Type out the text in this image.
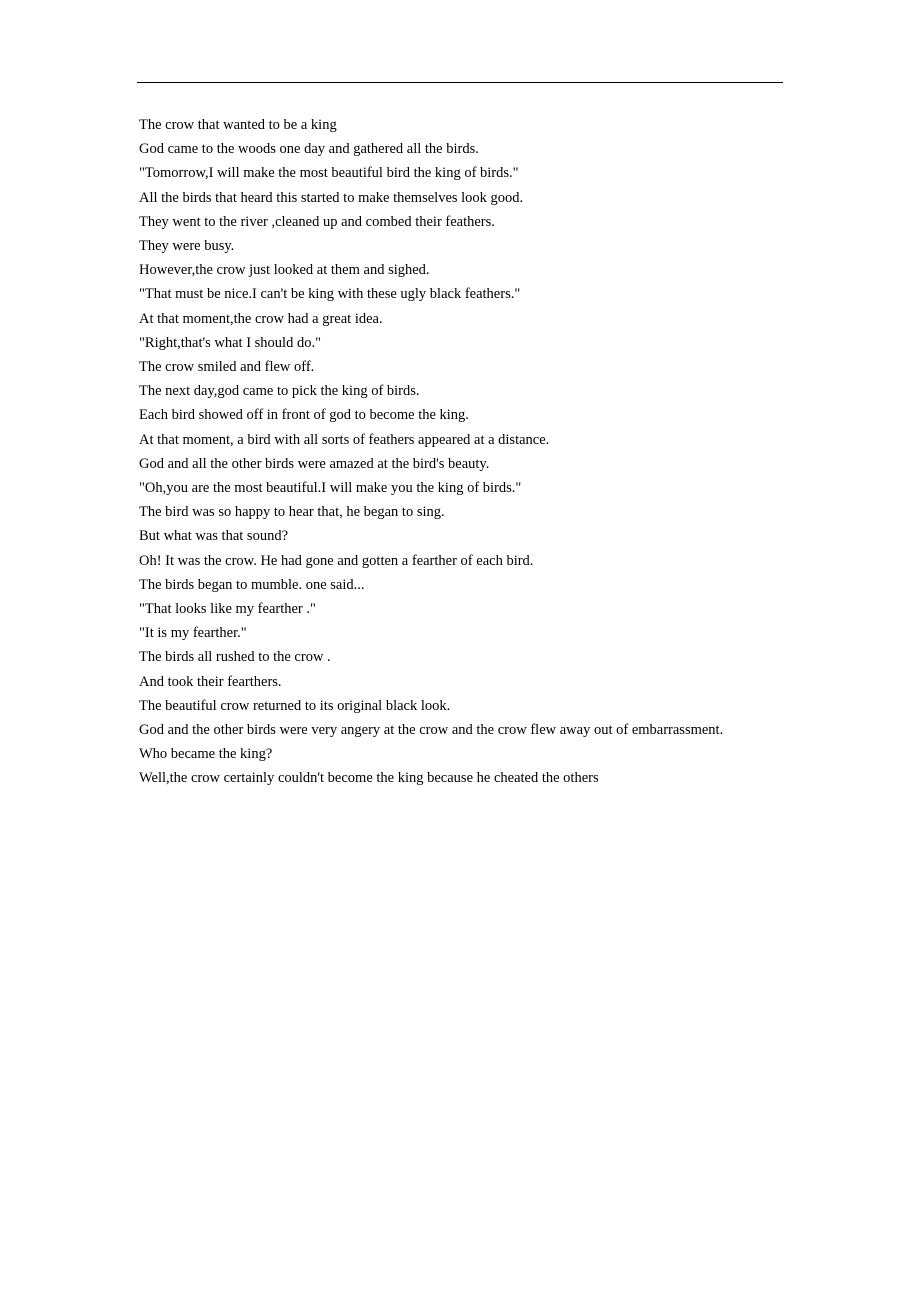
The crow that wanted to be a king

God came to the woods one day and gathered all the birds.

"Tomorrow,I will make the most beautiful bird the king of birds."

All the birds that heard this started to make themselves look good.

They went to the river ,cleaned up and combed their feathers.

They were busy.

However,the crow just looked at them and sighed.

"That must be nice.I can't be king with these ugly black feathers."

At that moment,the crow had a great idea.

"Right,that's what I should do."

The crow smiled and flew off.

The next day,god came to pick the king of birds.

Each bird showed off in front of god to become the king.

At that moment, a bird with all sorts of feathers appeared at a distance.

God and all the other birds were amazed at the bird's beauty.

"Oh,you are the most beautiful.I will make you the king of birds."

The bird was so happy to hear that, he began to sing.

But what was that sound?

Oh! It was the crow. He had gone and gotten a fearther of each bird.

The birds began to mumble. one said...

"That looks like my fearther ."

"It is my fearther."

The birds all rushed to the crow .

And took their fearthers.

The beautiful crow returned to its original black look.

God and the other birds were very angery at the crow and the crow flew away out of embarrassment.

Who became the king?

Well,the crow certainly couldn't become the king because he cheated the others
